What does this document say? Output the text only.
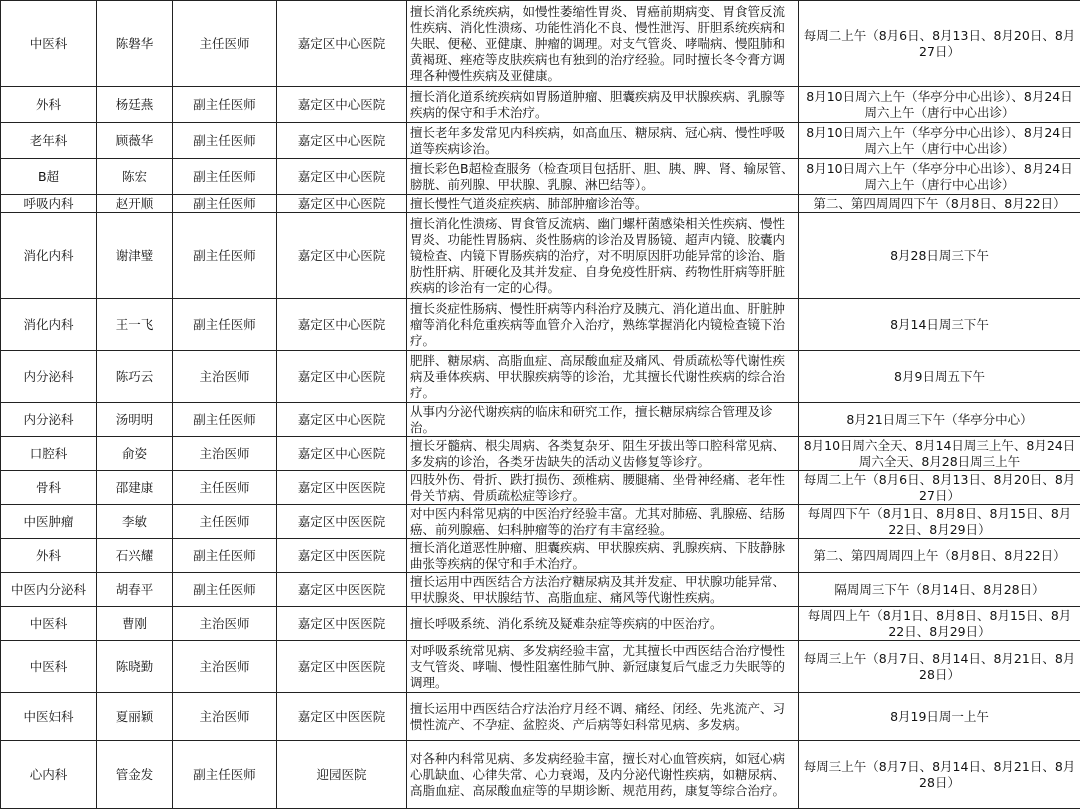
中医科	陈磐华	主任医师	嘉定区中心医院	擅长消化系统疾病，如慢性萎缩性胃炎、胃癌前期病变、胃食管反流性疾病、消化性溃疡、功能性消化不良、慢性泄泻、肝胆系统疾病和失眠、便秘、亚健康、肿瘤的调理。对支气管炎、哮喘病、慢阻肺和黄褐斑、痤疮等皮肤疾病也有独到的治疗经验。同时擅长冬令膏方调理各种慢性疾病及亚健康。	每周二上午（8月6日、8月13日、8月20日、8月27日）
外科	杨廷燕	副主任医师	嘉定区中心医院	擅长消化道系统疾病如胃肠道肿瘤、胆囊疾病及甲状腺疾病、乳腺等疾病的保守和手术治疗。	8月10日周六上午（华亭分中心出诊）、8月24日周六上午（唐行中心出诊）
老年科	顾薇华	副主任医师	嘉定区中心医院	擅长老年多发常见内科疾病，如高血压、糖尿病、冠心病、慢性呼吸道等疾病诊治。	8月10日周六上午（华亭分中心出诊）、8月24日周六上午（唐行中心出诊）
B超	陈宏	副主任医师	嘉定区中心医院	擅长彩色B超检查服务（检查项目包括肝、胆、胰、脾、肾、输尿管、膀胱、前列腺、甲状腺、乳腺、淋巴结等）。	8月10日周六上午（华亭分中心出诊）、8月24日周六上午（唐行中心出诊）
呼吸内科	赵开顺	副主任医师	嘉定区中心医院	擅长慢性气道炎症疾病、肺部肿瘤诊治等。	第二、第四周周四下午（8月8日、8月22日）
消化内科	谢津璧	副主任医师	嘉定区中心医院	擅长消化性溃疡、胃食管反流病、幽门螺杆菌感染相关性疾病、慢性胃炎、功能性胃肠病、炎性肠病的诊治及胃肠镜、超声内镜、胶囊内镜检查、内镜下胃肠疾病的治疗，对不明原因肝功能异常的诊治、脂肪性肝病、肝硬化及其并发症、自身免疫性肝病、药物性肝病等肝脏疾病的诊治有一定的心得。	8月28日周三下午
消化内科	王一飞	副主任医师	嘉定区中心医院	擅长炎症性肠病、慢性肝病等内科治疗及胰亢、消化道出血、肝脏肿瘤等消化科危重疾病等血管介入治疗，熟练掌握消化内镜检查镜下治疗。	8月14日周三下午
内分泌科	陈巧云	主治医师	嘉定区中心医院	肥胖、糖尿病、高脂血症、高尿酸血症及痛风、骨质疏松等代谢性疾病及垂体疾病、甲状腺疾病等的诊治，尤其擅长代谢性疾病的综合治疗。	8月9日周五下午
内分泌科	汤明明	副主任医师	嘉定区中心医院	从事内分泌代谢疾病的临床和研究工作，擅长糖尿病综合管理及诊治。	8月21日周三下午（华亭分中心）
口腔科	俞姿	主治医师	嘉定区中心医院	擅长牙髓病、根尖周病、各类复杂牙、阻生牙拔出等口腔科常见病、多发病的诊治，各类牙齿缺失的活动义齿修复等诊疗。	8月10日周六全天、8月14日周三上午、8月24日周六全天、8月28日周三上午
骨科	邵建康	主任医师	嘉定区中医医院	四肢外伤、骨折、跌打损伤、颈椎病、腰腿痛、坐骨神经痛、老年性骨关节病、骨质疏松症等诊疗。	每周二上午（8月6日、8月13日、8月20日、8月27日）
中医肿瘤	李敏	主任医师	嘉定区中医医院	对中医内科常见病的中医治疗经验丰富。尤其对肺癌、乳腺癌、结肠癌、前列腺癌、妇科肿瘤等的治疗有丰富经验。	每周四下午（8月1日、8月8日、8月15日、8月22日、8月29日）
外科	石兴耀	副主任医师	嘉定区中医医院	擅长消化道恶性肿瘤、胆囊疾病、甲状腺疾病、乳腺疾病、下肢静脉曲张等疾病的保守和手术治疗。	第二、第四周周四上午（8月8日、8月22日）
中医内分泌科	胡春平	副主任医师	嘉定区中医医院	擅长运用中西医结合方法治疗糖尿病及其并发症、甲状腺功能异常、甲状腺炎、甲状腺结节、高脂血症、痛风等代谢性疾病。	隔周周三下午（8月14日、8月28日）
中医科	曹刚	主治医师	嘉定区中医医院	擅长呼吸系统、消化系统及疑难杂症等疾病的中医治疗。	每周四上午（8月1日、8月8日、8月15日、8月22日、8月29日）
中医科	陈晓勤	主治医师	嘉定区中医医院	对呼吸系统常见病、多发病经验丰富，尤其擅长中西医结合治疗慢性支气管炎、哮喘、慢性阻塞性肺气肿、新冠康复后气虚乏力失眠等的调理。	每周三上午（8月7日、8月14日、8月21日、8月28日）
中医妇科	夏丽颖	主治医师	嘉定区中医医院	擅长运用中西医结合疗法治疗月经不调、痛经、闭经、先兆流产、习惯性流产、不孕症、盆腔炎、产后病等妇科常见病、多发病。	8月19日周一上午
心内科	管金发	副主任医师	迎园医院	对各种内科常见病、多发病经验丰富，擅长对心血管疾病，如冠心病心肌缺血、心律失常、心力衰竭，及内分泌代谢性疾病，如糖尿病、高脂血症、高尿酸血症等的早期诊断、规范用药，康复等综合治疗。	每周三上午（8月7日、8月14日、8月21日、8月28日）
